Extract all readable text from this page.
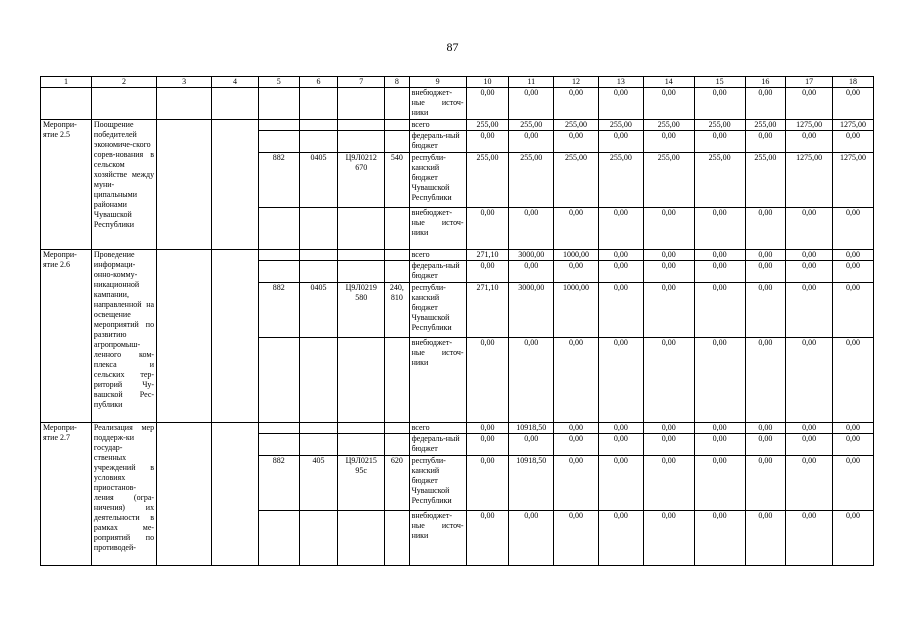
87
1	2	3	4	5	6	7	8	9	10	11	12	13	14	15	16	17	18
								внебюджет-ные источ-ники	0,00	0,00	0,00	0,00	0,00	0,00	0,00	0,00	0,00
Меропри-ятие 2.5	Поощрение победителей экономиче-ского сорев-нования в сельском хозяйстве между муни-ципальными районами Чувашской Республики							всего	255,00	255,00	255,00	255,00	255,00	255,00	255,00	1275,00	1275,00
								федераль-ный бюджет	0,00	0,00	0,00	0,00	0,00	0,00	0,00	0,00	0,00
				882	0405	Ц9Л0212 670	540	республи-канский бюджет Чувашской Республики	255,00	255,00	255,00	255,00	255,00	255,00	255,00	1275,00	1275,00
								внебюджет-ные источ-ники	0,00	0,00	0,00	0,00	0,00	0,00	0,00	0,00	0,00
Меропри-ятие 2.6	Проведение информаци-онно-комму-никационной кампании, направленной на освещение мероприятий по развитию агропромыш-ленного ком-плекса и сельских тер-риторий Чу-вашской Рес-публики							всего	271,10	3000,00	1000,00	0,00	0,00	0,00	0,00	0,00	0,00
								федераль-ный бюджет	0,00	0,00	0,00	0,00	0,00	0,00	0,00	0,00	0,00
				882	0405	Ц9Л0219 580	240, 810	республи-канский бюджет Чувашской Республики	271,10	3000,00	1000,00	0,00	0,00	0,00	0,00	0,00	0,00
								внебюджет-ные источ-ники	0,00	0,00	0,00	0,00	0,00	0,00	0,00	0,00	0,00
Меропри-ятие 2.7	Реализация мер поддерж-ки государ-ственных учреждений в условиях приостанов-ления (огра-ничения) их деятельности в рамках ме-роприятий по противодей-							всего	0,00	10918,50	0,00	0,00	0,00	0,00	0,00	0,00	0,00
								федераль-ный бюджет	0,00	0,00	0,00	0,00	0,00	0,00	0,00	0,00	0,00
				882	405	Ц9Л0215 95с	620	республи-канский бюджет Чувашской Республики	0,00	10918,50	0,00	0,00	0,00	0,00	0,00	0,00	0,00
								внебюджет-ные источ-ники	0,00	0,00	0,00	0,00	0,00	0,00	0,00	0,00	0,00
